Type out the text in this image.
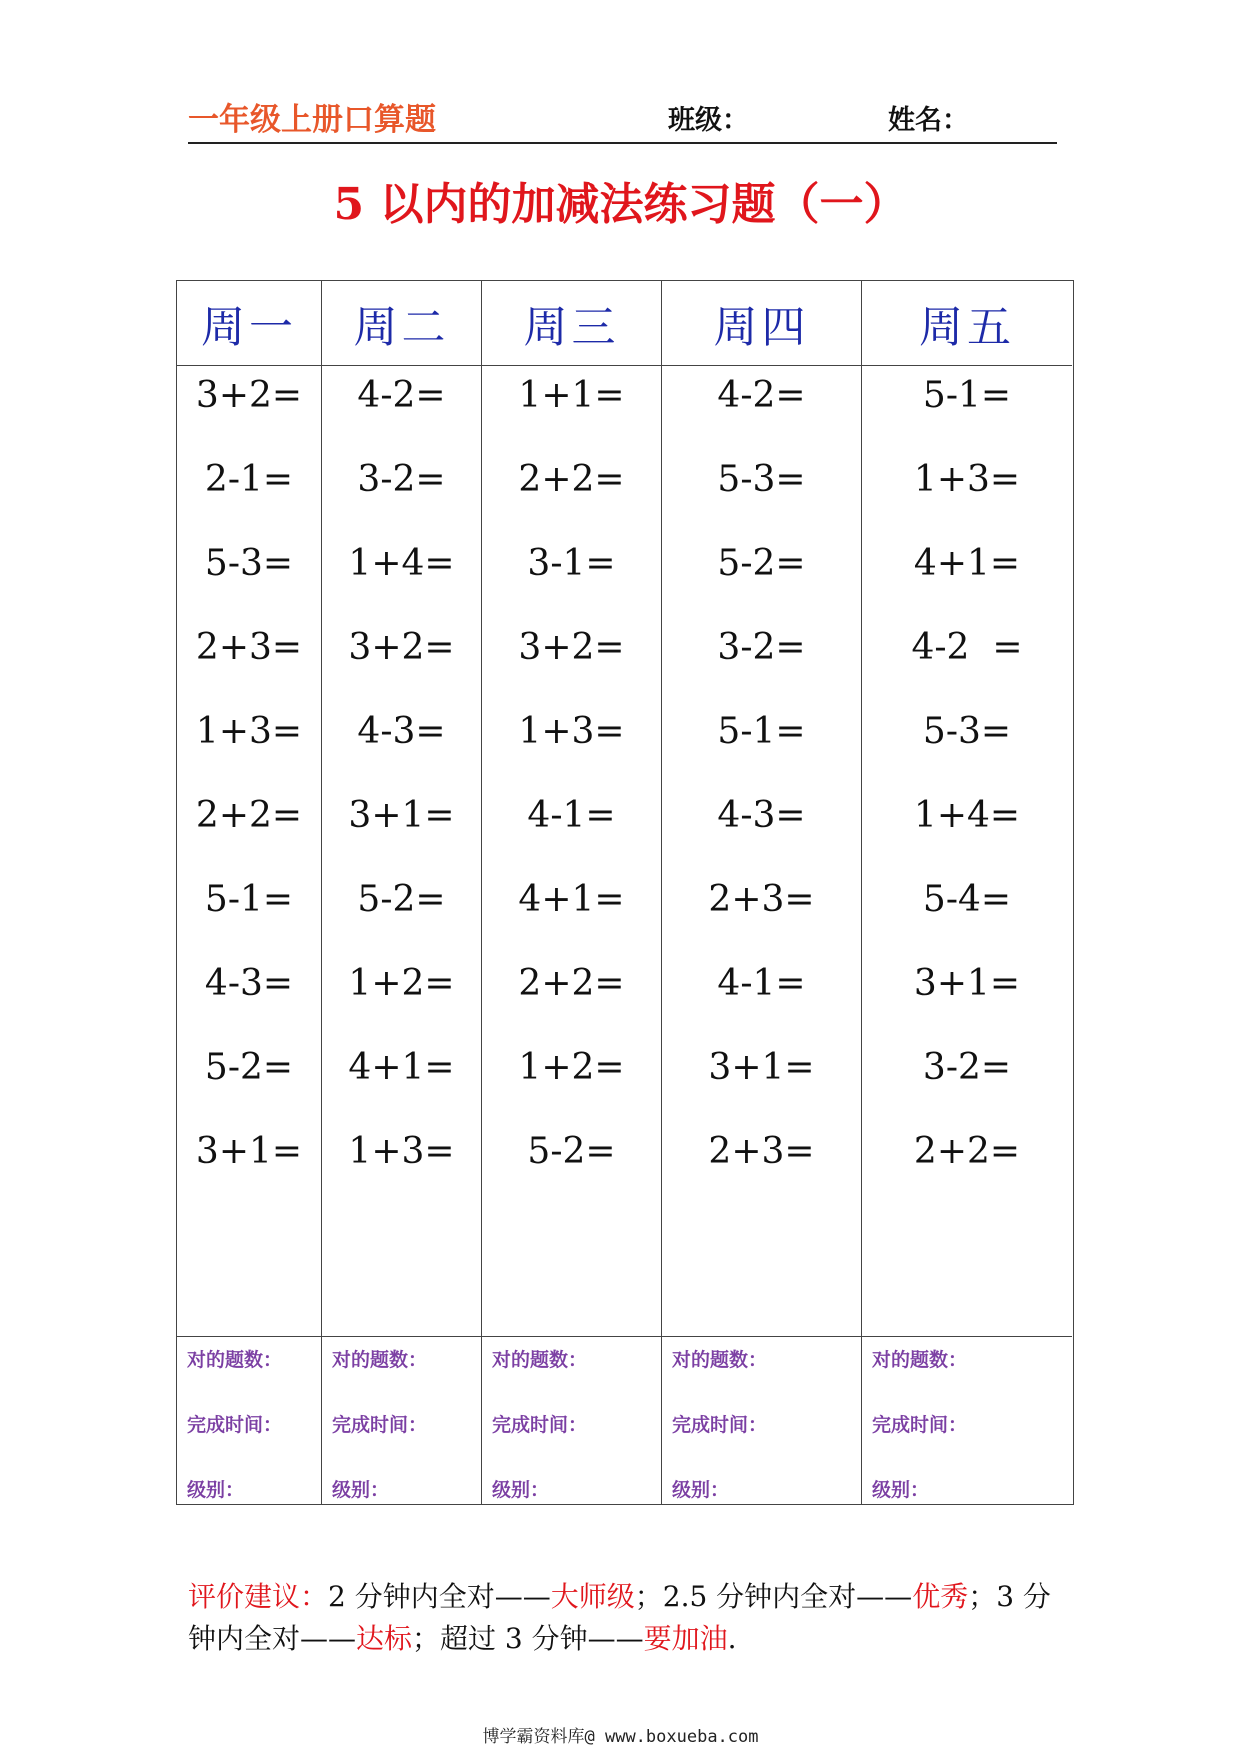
一年级上册口算题	班级：	姓名：
5 以内的加减法练习题（一）
周一
3+2=
2-1=
5-3=
2+3=
1+3=
2+2=
5-1=
4-3=
5-2=
3+1=
对的题数：
完成时间：
级别：
周二
4-2=
3-2=
1+4=
3+2=
4-3=
3+1=
5-2=
1+2=
4+1=
1+3=
对的题数：
完成时间：
级别：
周三
1+1=
2+2=
3-1=
3+2=
1+3=
4-1=
4+1=
2+2=
1+2=
5-2=
对的题数：
完成时间：
级别：
周四
4-2=
5-3=
5-2=
3-2=
5-1=
4-3=
2+3=
4-1=
3+1=
2+3=
对的题数：
完成时间：
级别：
周五
5-1=
1+3=
4+1=
4-2  =
5-3=
1+4=
5-4=
3+1=
3-2=
2+2=
对的题数：
完成时间：
级别：
评价建议：2 分钟内全对——大师级；2.5 分钟内全对——优秀；3 分钟内全对——达标；超过 3 分钟——要加油.
博学霸资料库@ www.boxueba.com
